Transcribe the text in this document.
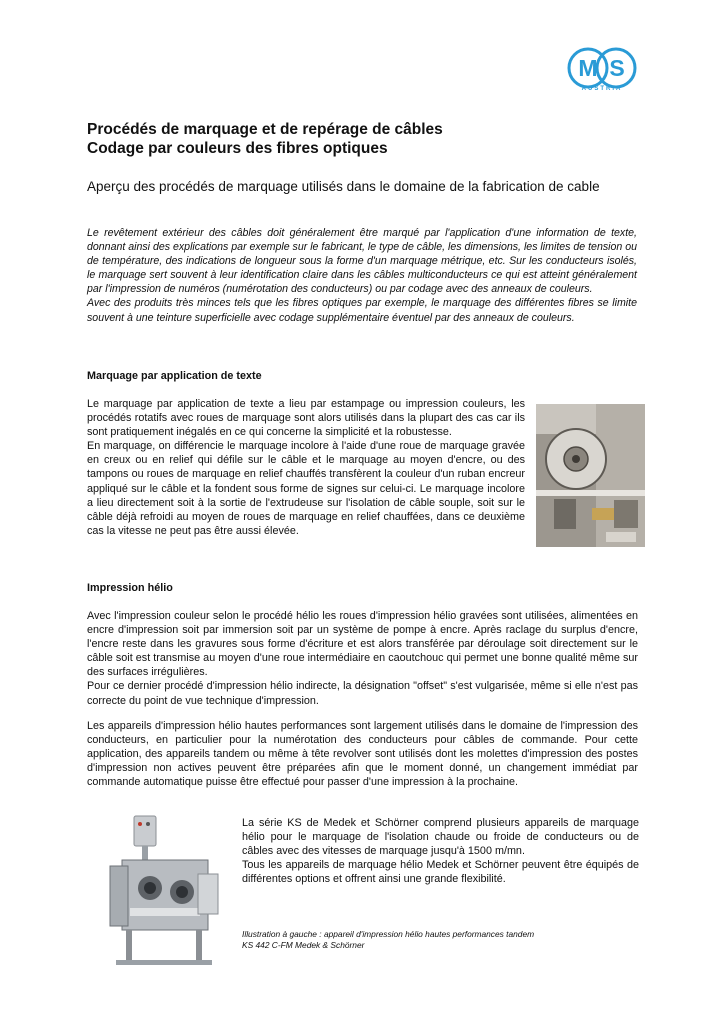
M S
AUSTRIA
Procédés de marquage et de repérage de câbles
Codage par couleurs des fibres optiques
Aperçu des procédés de marquage utilisés dans le domaine de la fabrication de cable

Le revêtement extérieur des câbles doit généralement être marqué par l'application d'une information de texte, donnant ainsi des explications par exemple sur le fabricant, le type de câble, les dimensions, les limites de tension ou de température, des indications de longueur sous la forme d'un marquage métrique, etc. Sur les conducteurs isolés, le marquage sert souvent à leur identification claire dans les câbles multiconducteurs ce qui est atteint généralement par l'impression de numéros (numérotation des conducteurs) ou par codage avec des anneaux de couleurs.

Avec des produits très minces tels que les fibres optiques par exemple, le marquage des différentes fibres se limite souvent à une teinture superficielle avec codage supplémentaire éventuel par des anneaux de couleurs.

Marquage par application de texte

Le marquage par application de texte a lieu par estampage ou impression couleurs, les procédés rotatifs avec roues de marquage sont alors utilisés dans la plupart des cas car ils sont pratiquement inégalés en ce qui concerne la simplicité et la robustesse.

En marquage, on différencie le marquage incolore à l'aide d'une roue de marquage gravée en creux ou en relief qui défile sur le câble et le marquage au moyen d'encre, ou des tampons ou roues de marquage en relief chauffés transfèrent la couleur d'un ruban encreur appliqué sur le câble et la fondent sous forme de signes sur celui-ci. Le marquage incolore a lieu directement soit à la sortie de l'extrudeuse sur l'isolation de câble souple, soit sur le câble déjà refroidi au moyen de roues de marquage en relief chauffées, dans ce deuxième cas la vitesse ne peut pas être aussi élevée.

Impression hélio

Avec l'impression couleur selon le procédé hélio les roues d'impression hélio gravées sont utilisées, alimentées en encre d'impression soit par immersion soit par un système de pompe à encre. Après raclage du surplus d'encre, l'encre reste dans les gravures sous forme d'écriture et est alors transférée par déroulage soit directement sur le câble soit est transmise au moyen d'une roue intermédiaire en caoutchouc qui permet une bonne qualité même sur des surfaces irrégulières.

Pour ce dernier procédé d'impression hélio indirecte, la désignation "offset" s'est vulgarisée, même si elle n'est pas correcte du point de vue technique d'impression.

Les appareils d'impression hélio hautes performances sont largement utilisés dans le domaine de l'impression des conducteurs, en particulier pour la numérotation des conducteurs pour câbles de commande. Pour cette application, des appareils tandem ou même à tête revolver sont utilisés dont les molettes d'impression des postes d'impression non actives peuvent être préparées afin que le moment donné, un changement immédiat par commande automatique puisse être effectué pour passer d'une impression à la prochaine.

La série KS de Medek et Schörner comprend plusieurs appareils de marquage hélio pour le marquage de l'isolation chaude ou froide de conducteurs ou de câbles avec des vitesses de marquage jusqu'à 1500 m/mn.

Tous les appareils de marquage hélio Medek et Schörner peuvent être équipés de différentes options et offrent ainsi une grande flexibilité.

Illustration à gauche : appareil d'impression hélio hautes performances tandem

KS 442 C-FM Medek & Schörner
